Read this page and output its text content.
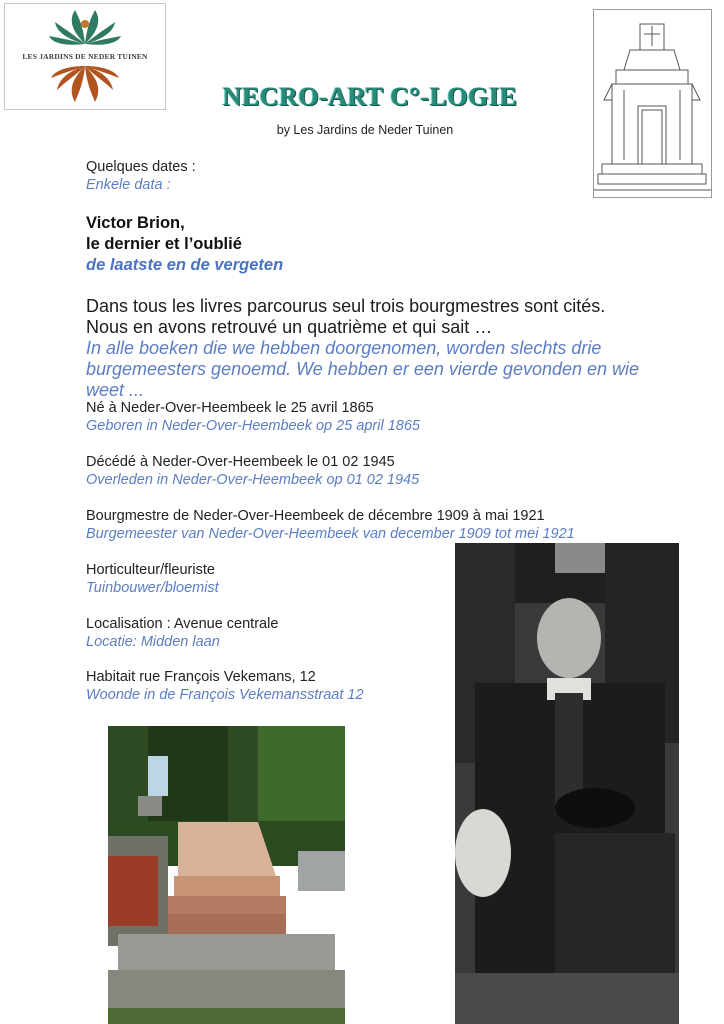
LES JARDINS DE NEDER TUINEN
NECRO-ART C°-LOGIE
by Les Jardins de Neder Tuinen
Quelques dates :
Enkele data :
Victor Brion,
le dernier et l’oublié
de laatste en de vergeten
Dans tous les livres parcourus seul trois bourgmestres sont cités.
Nous en avons retrouvé un quatrième et qui sait …
In alle boeken die we hebben doorgenomen, worden slechts drie burgemeesters genoemd. We hebben er een vierde gevonden en wie weet ...
Né à Neder-Over-Heembeek le 25 avril 1865
Geboren in Neder-Over-Heembeek op 25 april 1865
Décédé à Neder-Over-Heembeek le 01 02 1945
Overleden in Neder-Over-Heembeek op 01 02 1945
Bourgmestre de Neder-Over-Heembeek de décembre 1909 à mai 1921
Burgemeester van Neder-Over-Heembeek van december 1909 tot mei 1921
Horticulteur/fleuriste
Tuinbouwer/bloemist
Localisation : Avenue centrale
Locatie: Midden laan
Habitait rue François Vekemans, 12
Woonde in de François Vekemansstraat 12
